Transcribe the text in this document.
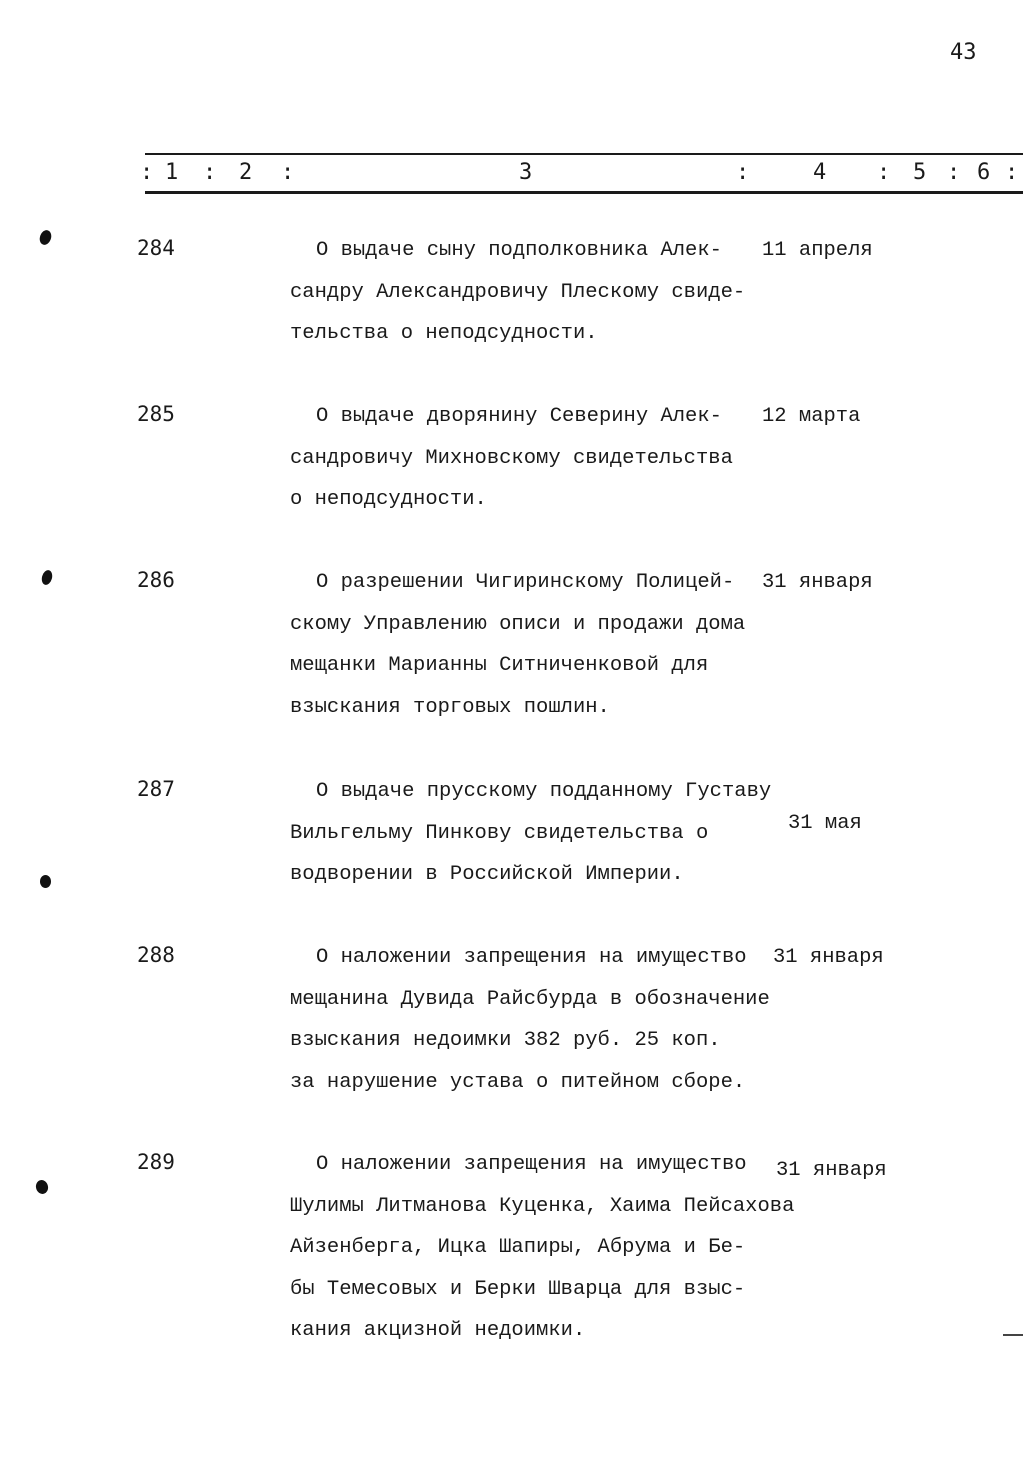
43
: 1 : 2 :	3	:	4 : 5 : 6 :
284	О выдаче сыну подполковника Алек-
сандру Александровичу Плескому свиде-
тельства о неподсудности.
11 апреля
285	О выдаче дворянину Северину Алек-
сандровичу Михновскому свидетельства
о неподсудности.
12 марта
286	О разрешении Чигиринскому Полицей-
скому Управлению описи и продажи дома
мещанки Марианны Ситниченковой для
взыскания торговых пошлин.
31 января
287	О выдаче прусскому подданному Густаву
Вильгельму Пинкову свидетельства о
водворении в Российской Империи.
31 мая
288	О наложении запрещения на имущество
мещанина Дувида Райсбурда в обозначение
взыскания недоимки 382 руб. 25 коп.
за нарушение устава о питейном сборе.
31 января
289	О наложении запрещения на имущество
Шулимы Литманова Куценка, Хаима Пейсахова
Айзенберга, Ицка Шапиры, Абрума и Бе-
бы Темесовых и Берки Шварца для взыс-
кания акцизной недоимки.
31 января
